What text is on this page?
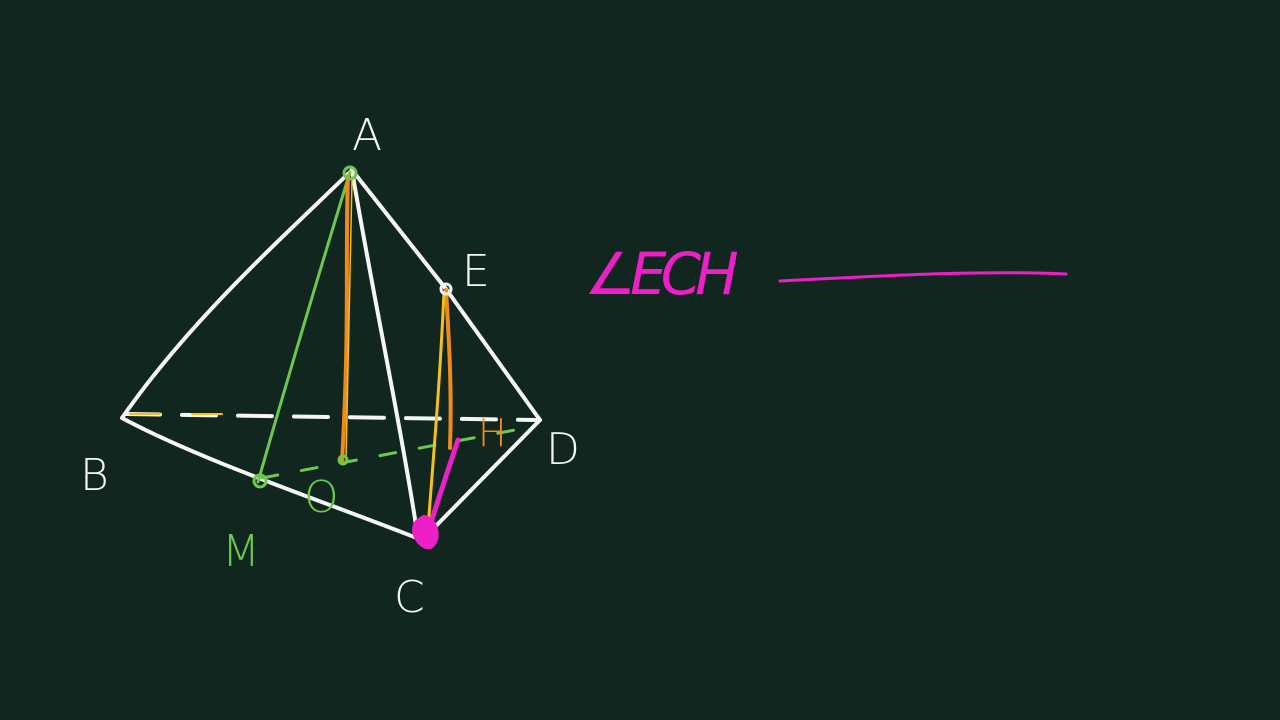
A
B
C
D
E
H
M
O
∠ECH
